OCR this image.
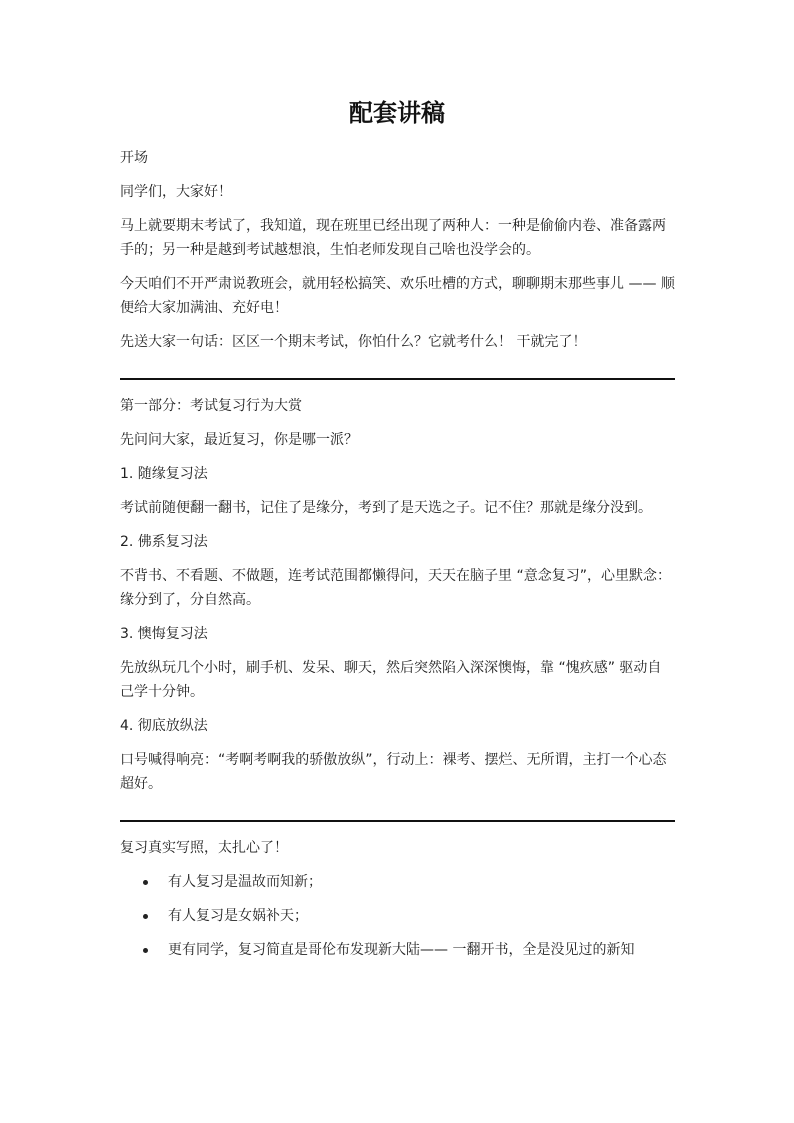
配套讲稿

开场

同学们，大家好！

马上就要期末考试了，我知道，现在班里已经出现了两种人：一种是偷偷内卷、准备露两手的；另一种是越到考试越想浪，生怕老师发现自己啥也没学会的。

今天咱们不开严肃说教班会，就用轻松搞笑、欢乐吐槽的方式，聊聊期末那些事儿 —— 顺便给大家加满油、充好电！

先送大家一句话：区区一个期末考试，你怕什么？它就考什么！ 干就完了！

第一部分：考试复习行为大赏

先问问大家，最近复习，你是哪一派？

1. 随缘复习法

考试前随便翻一翻书，记住了是缘分，考到了是天选之子。记不住？那就是缘分没到。

2. 佛系复习法

不背书、不看题、不做题，连考试范围都懒得问，天天在脑子里 “意念复习”，心里默念：缘分到了，分自然高。

3. 懊悔复习法

先放纵玩几个小时，刷手机、发呆、聊天，然后突然陷入深深懊悔，靠 “愧疚感” 驱动自己学十分钟。

4. 彻底放纵法

口号喊得响亮：“考啊考啊我的骄傲放纵”，行动上：裸考、摆烂、无所谓，主打一个心态超好。

复习真实写照，太扎心了！

有人复习是温故而知新；
有人复习是女娲补天；
更有同学，复习简直是哥伦布发现新大陆—— 一翻开书，全是没见过的新知
